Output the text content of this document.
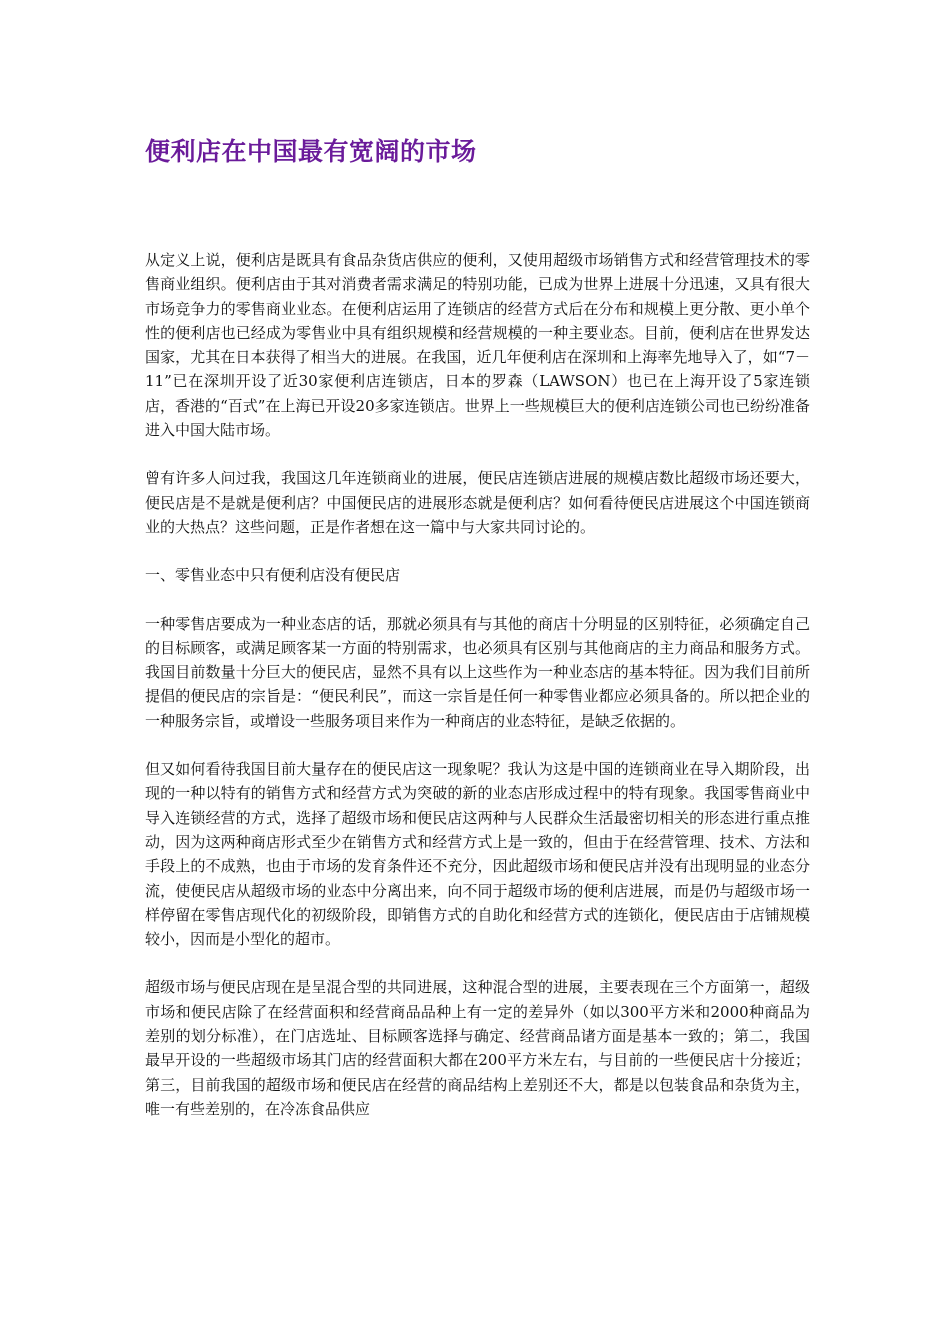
便利店在中国最有宽阔的市场

从定义上说，便利店是既具有食品杂货店供应的便利，又使用超级市场销售方式和经营管理技术的零售商业组织。便利店由于其对消费者需求满足的特别功能，已成为世界上进展十分迅速，又具有很大市场竞争力的零售商业业态。在便利店运用了连锁店的经营方式后在分布和规模上更分散、更小单个性的便利店也已经成为零售业中具有组织规模和经营规模的一种主要业态。目前，便利店在世界发达国家，尤其在日本获得了相当大的进展。在我国，近几年便利店在深圳和上海率先地导入了，如“7－11”已在深圳开设了近30家便利店连锁店，日本的罗森（LAWSON）也已在上海开设了5家连锁店，香港的“百式”在上海已开设20多家连锁店。世界上一些规模巨大的便利店连锁公司也已纷纷准备进入中国大陆市场。

曾有许多人问过我，我国这几年连锁商业的进展，便民店连锁店进展的规模店数比超级市场还要大，便民店是不是就是便利店？中国便民店的进展形态就是便利店？如何看待便民店进展这个中国连锁商业的大热点？这些问题，正是作者想在这一篇中与大家共同讨论的。

一、零售业态中只有便利店没有便民店

一种零售店要成为一种业态店的话，那就必须具有与其他的商店十分明显的区别特征，必须确定自己的目标顾客，或满足顾客某一方面的特别需求，也必须具有区别与其他商店的主力商品和服务方式。我国目前数量十分巨大的便民店，显然不具有以上这些作为一种业态店的基本特征。因为我们目前所提倡的便民店的宗旨是：“便民利民”，而这一宗旨是任何一种零售业都应必须具备的。所以把企业的一种服务宗旨，或增设一些服务项目来作为一种商店的业态特征，是缺乏依据的。

但又如何看待我国目前大量存在的便民店这一现象呢？我认为这是中国的连锁商业在导入期阶段，出现的一种以特有的销售方式和经营方式为突破的新的业态店形成过程中的特有现象。我国零售商业中导入连锁经营的方式，选择了超级市场和便民店这两种与人民群众生活最密切相关的形态进行重点推动，因为这两种商店形式至少在销售方式和经营方式上是一致的，但由于在经营管理、技术、方法和手段上的不成熟，也由于市场的发育条件还不充分，因此超级市场和便民店并没有出现明显的业态分流，使便民店从超级市场的业态中分离出来，向不同于超级市场的便利店进展，而是仍与超级市场一样停留在零售店现代化的初级阶段，即销售方式的自助化和经营方式的连锁化，便民店由于店铺规模较小，因而是小型化的超市。

超级市场与便民店现在是呈混合型的共同进展，这种混合型的进展，主要表现在三个方面第一，超级市场和便民店除了在经营面积和经营商品品种上有一定的差异外（如以300平方米和2000种商品为差别的划分标准），在门店选址、目标顾客选择与确定、经营商品诸方面是基本一致的；第二，我国最早开设的一些超级市场其门店的经营面积大都在200平方米左右，与目前的一些便民店十分接近；第三，目前我国的超级市场和便民店在经营的商品结构上差别还不大，都是以包装食品和杂货为主，唯一有些差别的，在冷冻食品供应
